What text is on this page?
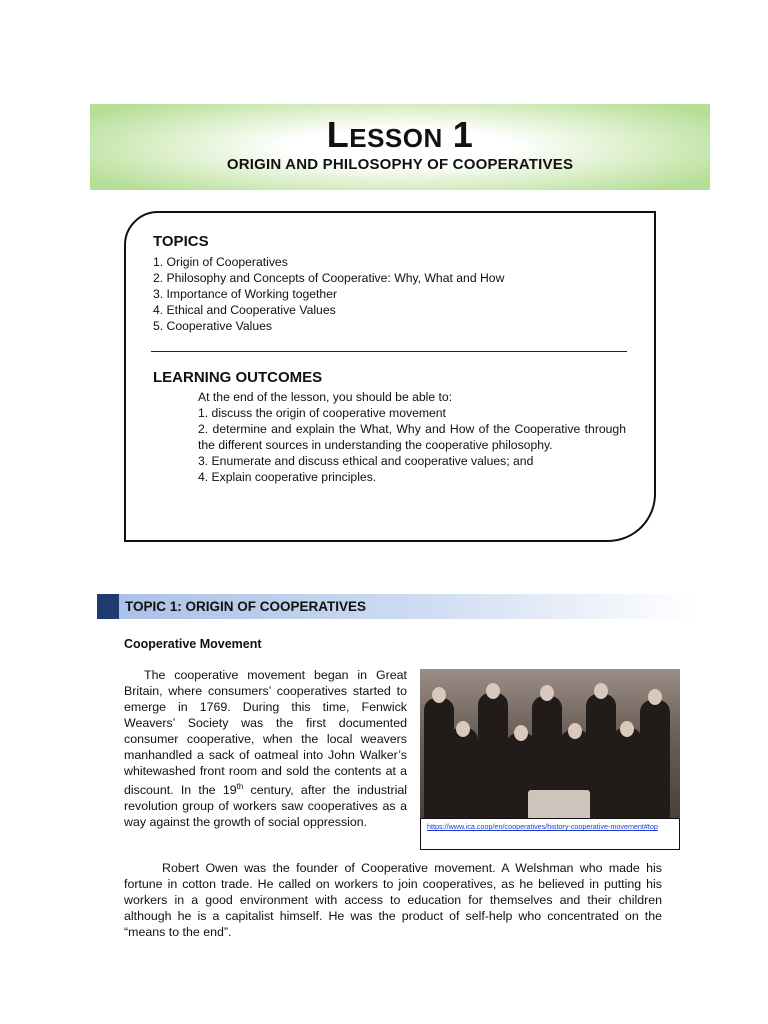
LESSON 1
ORIGIN AND PHILOSOPHY OF COOPERATIVES
TOPICS
1. Origin of Cooperatives
2. Philosophy and Concepts of Cooperative: Why, What and How
3. Importance of Working together
4. Ethical and Cooperative Values
5. Cooperative Values
LEARNING OUTCOMES
At the end of the lesson, you should be able to:
1. discuss the origin of cooperative movement
2. determine and explain the What, Why and How of the Cooperative through the different sources in understanding the cooperative philosophy.
3. Enumerate and discuss ethical and cooperative values; and
4. Explain cooperative principles.
TOPIC 1: ORIGIN OF COOPERATIVES
Cooperative Movement

The cooperative movement began in Great Britain, where consumers’ cooperatives started to emerge in 1769. During this time, Fenwick Weavers’ Society was the first documented consumer cooperative, when the local weavers manhandled a sack of oatmeal into John Walker’s whitewashed front room and sold the contents at a discount. In the 19th century, after the industrial revolution group of workers saw cooperatives as a way against the growth of social oppression.	https://www.ica.coop/en/cooperatives/history-cooperative-movement#top

Robert Owen was the founder of Cooperative movement. A Welshman who made his fortune in cotton trade. He called on workers to join cooperatives, as he believed in putting his workers in a good environment with access to education for themselves and their children although he is a capitalist himself. He was the product of self-help who concentrated on the “means to the end”.
